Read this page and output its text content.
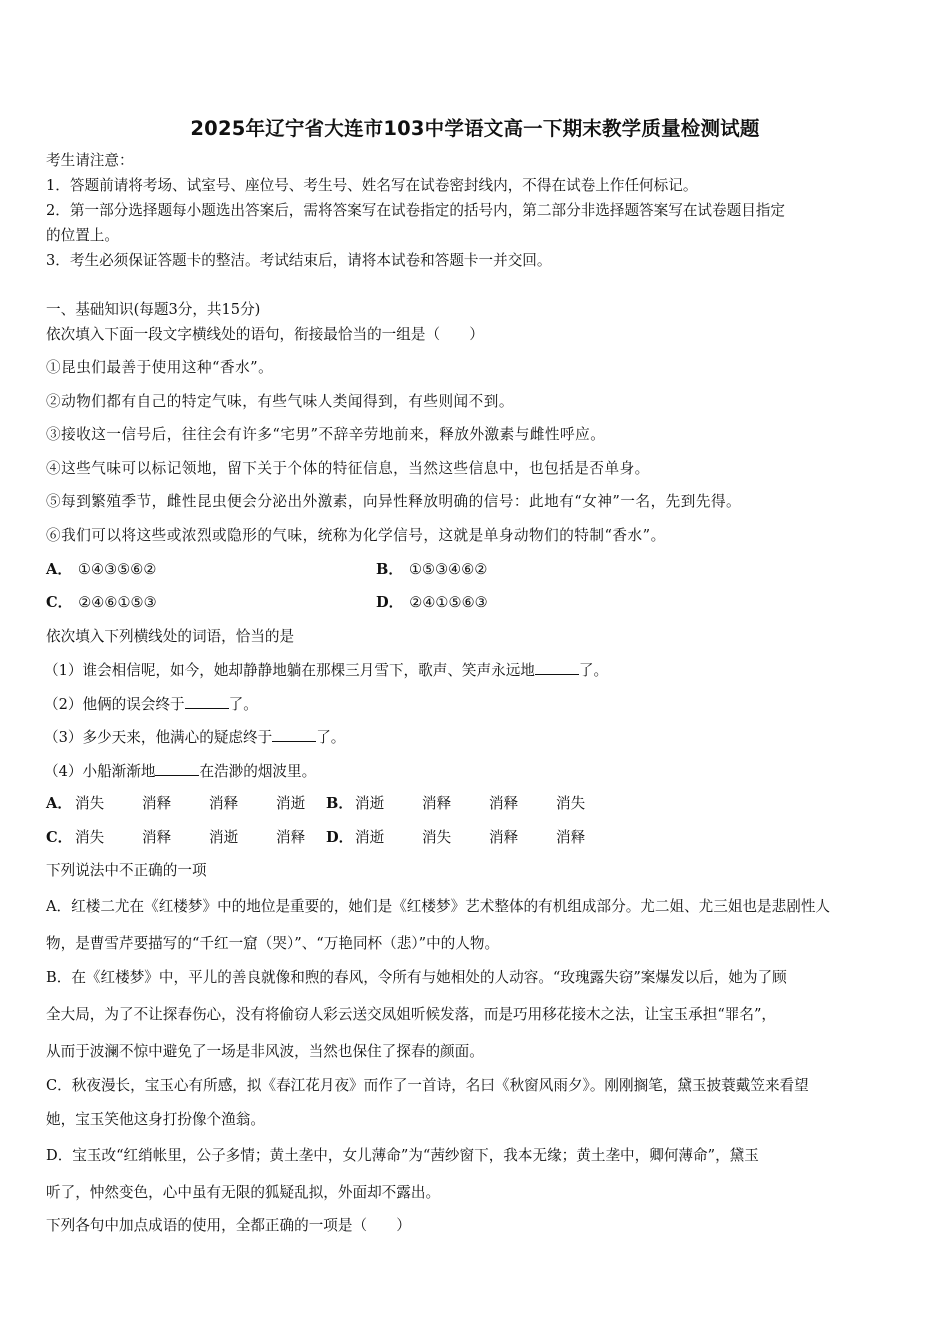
2025年辽宁省大连市103中学语文高一下期末教学质量检测试题
考生请注意：
1．答题前请将考场、试室号、座位号、考生号、姓名写在试卷密封线内，不得在试卷上作任何标记。
2．第一部分选择题每小题选出答案后，需将答案写在试卷指定的括号内，第二部分非选择题答案写在试卷题目指定
的位置上。
3．考生必须保证答题卡的整洁。考试结束后，请将本试卷和答题卡一并交回。
一、基础知识(每题3分，共15分)
依次填入下面一段文字横线处的语句，衔接最恰当的一组是（　　）
①昆虫们最善于使用这种“香水”。
②动物们都有自己的特定气味，有些气味人类闻得到，有些则闻不到。
③接收这一信号后，往往会有许多“宅男”不辞辛劳地前来，释放外激素与雌性呼应。
④这些气味可以标记领地，留下关于个体的特征信息，当然这些信息中，也包括是否单身。
⑤每到繁殖季节，雌性昆虫便会分泌出外激素，向异性释放明确的信号：此地有“女神”一名，先到先得。
⑥我们可以将这些或浓烈或隐形的气味，统称为化学信号，这就是单身动物们的特制“香水”。
A． ①④③⑤⑥②	B． ①⑤③④⑥②
C． ②④⑥①⑤③	D． ②④①⑤⑥③
依次填入下列横线处的词语，恰当的是
（1）谁会相信呢，如今，她却静静地躺在那棵三月雪下，歌声、笑声永远地	了。
（2）他俩的误会终于	了。
（3）多少天来，他满心的疑虑终于	了。
（4）小船渐渐地	在浩渺的烟波里。
A． 消失	消释	消释	消逝 B． 消逝	消释	消释	消失
C． 消失	消释	消逝	消释 D． 消逝	消失	消释	消释
下列说法中不正确的一项
A．红楼二尤在《红楼梦》中的地位是重要的，她们是《红楼梦》艺术整体的有机组成部分。尤二姐、尤三姐也是悲剧性人
物，是曹雪芹要描写的“千红一窟（哭）”、“万艳同杯（悲）”中的人物。
B．在《红楼梦》中，平儿的善良就像和煦的春风，令所有与她相处的人动容。“玫瑰露失窃”案爆发以后，她为了顾
全大局，为了不让探春伤心，没有将偷窃人彩云送交凤姐听候发落，而是巧用移花接木之法，让宝玉承担“罪名”，
从而于波澜不惊中避免了一场是非风波，当然也保住了探春的颜面。
C．秋夜漫长，宝玉心有所感，拟《春江花月夜》而作了一首诗，名曰《秋窗风雨夕》。刚刚搁笔，黛玉披蓑戴笠来看望
她，宝玉笑他这身打扮像个渔翁。
D．宝玉改“红绡帐里，公子多情；黄土垄中，女儿薄命”为“茜纱窗下，我本无缘；黄土垄中，卿何薄命”，黛玉
听了，忡然变色，心中虽有无限的狐疑乱拟，外面却不露出。
下列各句中加点成语的使用，全都正确的一项是（　　）
